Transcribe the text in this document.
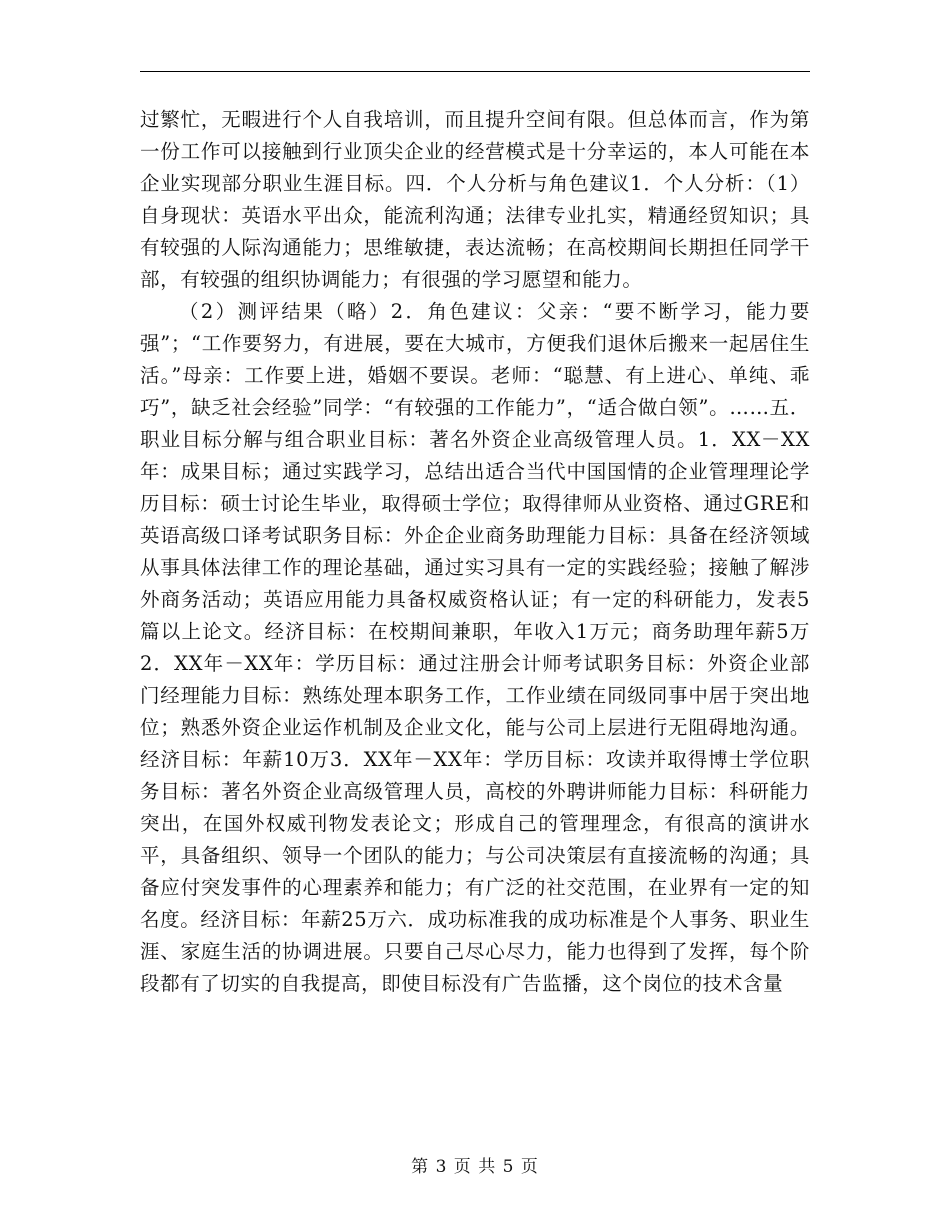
过繁忙，无暇进行个人自我培训，而且提升空间有限。但总体而言，作为第一份工作可以接触到行业顶尖企业的经营模式是十分幸运的，本人可能在本企业实现部分职业生涯目标。四．个人分析与角色建议1．个人分析：（1）自身现状：英语水平出众，能流利沟通；法律专业扎实，精通经贸知识；具有较强的人际沟通能力；思维敏捷，表达流畅；在高校期间长期担任同学干部，有较强的组织协调能力；有很强的学习愿望和能力。

（2）测评结果（略）2．角色建议：父亲：“要不断学习，能力要强”；“工作要努力，有进展，要在大城市，方便我们退休后搬来一起居住生活。”母亲：工作要上进，婚姻不要误。老师：“聪慧、有上进心、单纯、乖巧”，缺乏社会经验”同学：“有较强的工作能力”，“适合做白领”。……五．职业目标分解与组合职业目标：著名外资企业高级管理人员。1．XX－XX年：成果目标；通过实践学习，总结出适合当代中国国情的企业管理理论学历目标：硕士讨论生毕业，取得硕士学位；取得律师从业资格、通过GRE和英语高级口译考试职务目标：外企企业商务助理能力目标：具备在经济领域从事具体法律工作的理论基础，通过实习具有一定的实践经验；接触了解涉外商务活动；英语应用能力具备权威资格认证；有一定的科研能力，发表5篇以上论文。经济目标：在校期间兼职，年收入1万元；商务助理年薪5万2．XX年－XX年：学历目标：通过注册会计师考试职务目标：外资企业部门经理能力目标：熟练处理本职务工作，工作业绩在同级同事中居于突出地位；熟悉外资企业运作机制及企业文化，能与公司上层进行无阻碍地沟通。经济目标：年薪10万3．XX年－XX年：学历目标：攻读并取得博士学位职务目标：著名外资企业高级管理人员，高校的外聘讲师能力目标：科研能力突出，在国外权威刊物发表论文；形成自己的管理理念，有很高的演讲水平，具备组织、领导一个团队的能力；与公司决策层有直接流畅的沟通；具备应付突发事件的心理素养和能力；有广泛的社交范围，在业界有一定的知名度。经济目标：年薪25万六．成功标准我的成功标准是个人事务、职业生涯、家庭生活的协调进展。只要自己尽心尽力，能力也得到了发挥，每个阶段都有了切实的自我提高，即使目标没有广告监播，这个岗位的技术含量

第 3 页 共 5 页
